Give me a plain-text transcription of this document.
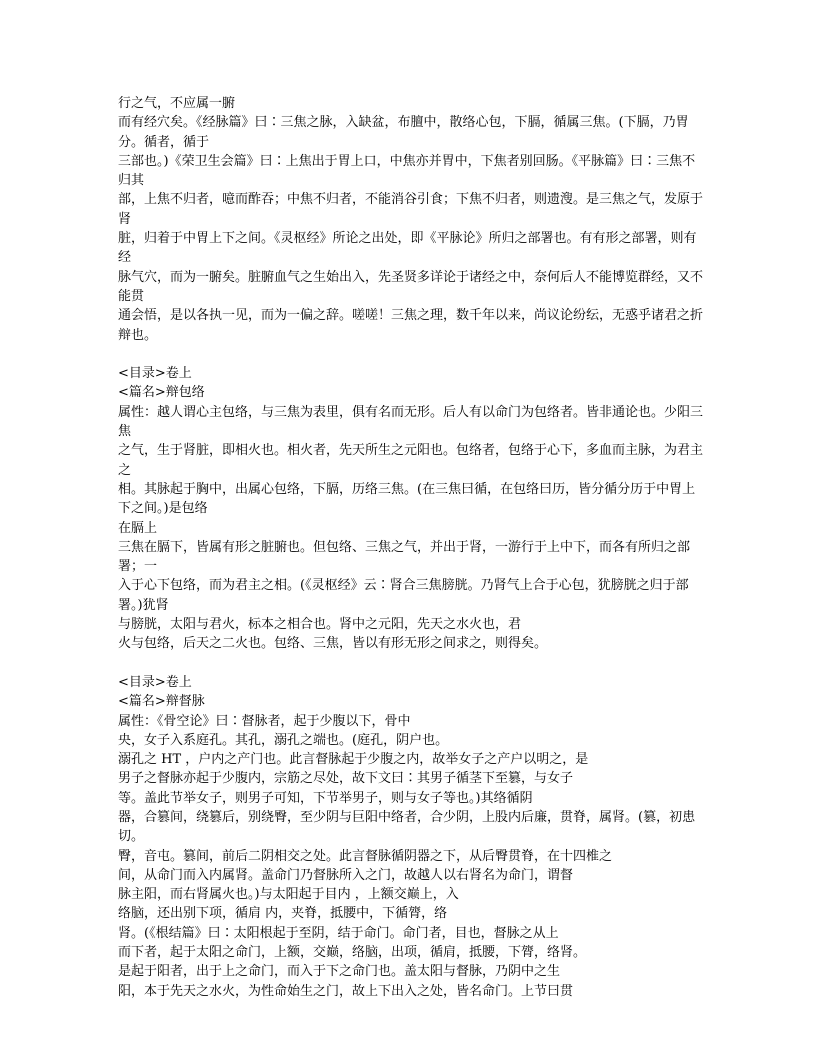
行之气，不应属一腑
而有经穴矣。《经脉篇》曰∶三焦之脉，入缺盆，布膻中，散络心包，下膈，循属三焦。(下膈，乃胃分。循者，循于
三部也。)《荣卫生会篇》曰∶上焦出于胃上口，中焦亦并胃中，下焦者别回肠。《平脉篇》曰∶三焦不归其
部，上焦不归者，噫而酢吞；中焦不归者，不能消谷引食；下焦不归者，则遗溲。是三焦之气，发原于肾
脏，归着于中胃上下之间。《灵枢经》所论之出处，即《平脉论》所归之部署也。有有形之部署，则有经
脉气穴，而为一腑矣。脏腑血气之生始出入，先圣贤多详论于诸经之中，奈何后人不能博览群经，又不能贯
通会悟，是以各执一见，而为一偏之辞。嗟嗟！三焦之理，数千年以来，尚议论纷纭，无惑乎诸君之折辩也。
<目录>卷上
<篇名>辩包络
属性：越人谓心主包络，与三焦为表里，俱有名而无形。后人有以命门为包络者。皆非通论也。少阳三焦
之气，生于肾脏，即相火也。相火者，先天所生之元阳也。包络者，包络于心下，多血而主脉，为君主之
相。其脉起于胸中，出属心包络，下膈，历络三焦。(在三焦曰循，在包络曰历，皆分循分历于中胃上下之间。)是包络
在膈上
三焦在膈下，皆属有形之脏腑也。但包络、三焦之气，并出于肾，一游行于上中下，而各有所归之部署；一
入于心下包络，而为君主之相。(《灵枢经》云∶肾合三焦膀胱。乃肾气上合于心包，犹膀胱之归于部署。)犹肾
与膀胱，太阳与君火，标本之相合也。肾中之元阳，先天之水火也，君
火与包络，后天之二火也。包络、三焦，皆以有形无形之间求之，则得矣。
<目录>卷上
<篇名>辩督脉
属性：《骨空论》曰∶督脉者，起于少腹以下，骨中
央，女子入系庭孔。其孔，溺孔之端也。(庭孔，阴户也。
溺孔之 HT ，户内之产门也。此言督脉起于少腹之内，故举女子之产户以明之，是
男子之督脉亦起于少腹内，宗筋之尽处，故下文曰∶其男子循茎下至篡，与女子
等。盖此节举女子，则男子可知，下节举男子，则与女子等也。)其络循阴
器，合篡间，绕篡后，别绕臀，至少阴与巨阳中络者，合少阴，上股内后廉，贯脊，属肾。(篡，初患切。
臀，音屯。篡间，前后二阴相交之处。此言督脉循阴器之下，从后臀贯脊，在十四椎之
间，从命门而入内属肾。盖命门乃督脉所入之门，故越人以右肾名为命门，谓督
脉主阳，而右肾属火也。)与太阳起于目内 ，上额交巅上，入
络脑，还出别下项，循肩 内，夹脊，抵腰中，下循膂，络
肾。(《根结篇》曰∶太阳根起于至阴，结于命门。命门者，目也，督脉之从上
而下者，起于太阳之命门，上额，交巅，络脑，出项，循肩，抵腰，下膂，络肾。
是起于阳者，出于上之命门，而入于下之命门也。盖太阳与督脉，乃阴中之生
阳，本于先天之水火，为性命始生之门，故上下出入之处，皆名命门。上节曰贯
